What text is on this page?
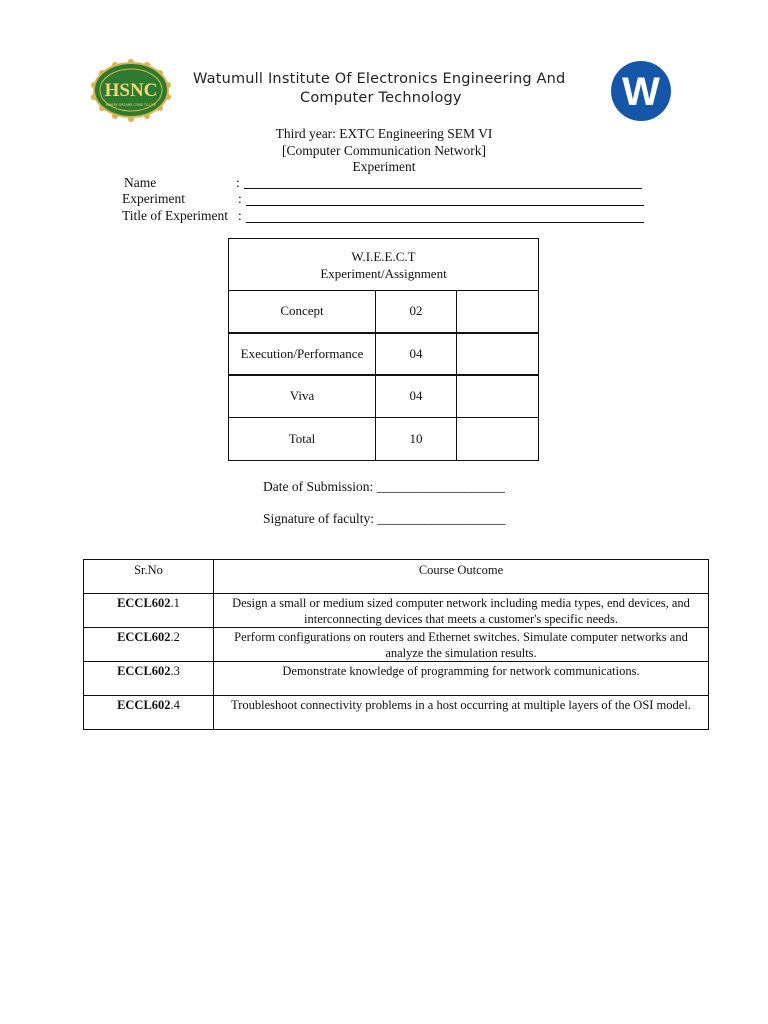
HSNC
WHERE DREAMS COME TO LIFE
Watumull Institute Of Electronics Engineering And
Computer Technology	W
Third year: EXTC Engineering SEM VI
[Computer Communication Network]
Experiment
Name	:
Experiment	:
Title of Experiment :
W.I.E.E.C.T
Experiment/Assignment		

Concept	02	
Execution/Performance	04	
Viva	04	
Total	10	
Date of Submission: ___________________
Signature of faculty: ___________________
Sr.No	Course Outcome
ECCL602.1	Design a small or medium sized computer network including media types, end devices, and interconnecting devices that meets a customer's specific needs.
ECCL602.2	Perform configurations on routers and Ethernet switches. Simulate computer networks and analyze the simulation results.
ECCL602.3	Demonstrate knowledge of programming for network communications.
ECCL602.4	Troubleshoot connectivity problems in a host occurring at multiple layers of the OSI model.
